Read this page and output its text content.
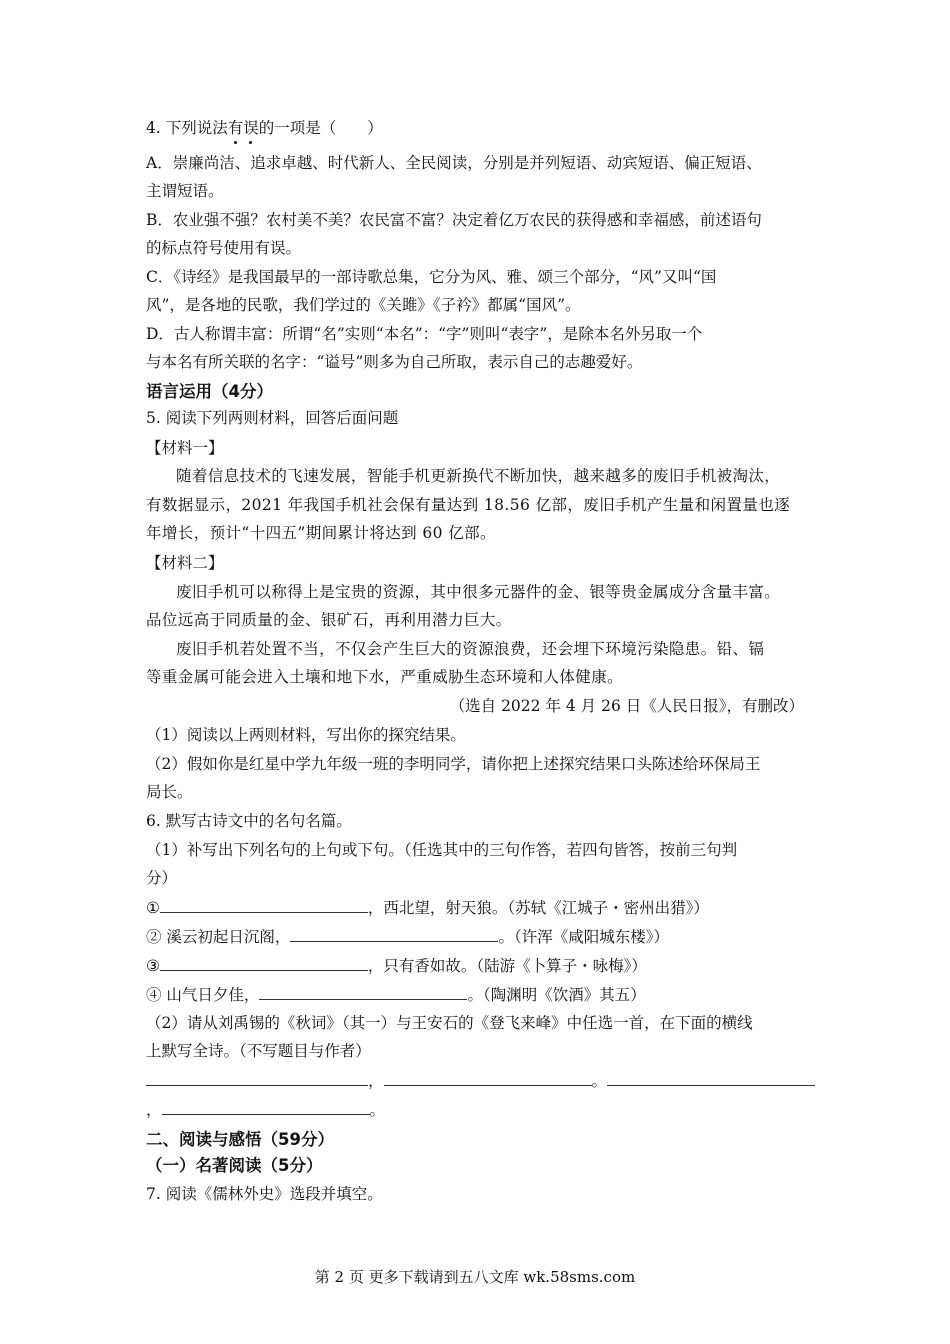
4. 下列说法有误的一项是（　　）
A．崇廉尚洁、追求卓越、时代新人、全民阅读，分别是并列短语、动宾短语、偏正短语、
主谓短语。
B．农业强不强？农村美不美？农民富不富？决定着亿万农民的获得感和幸福感，前述语句
的标点符号使用有误。
C．《诗经》是我国最早的一部诗歌总集，它分为风、雅、颂三个部分，“风”又叫“国
风”，是各地的民歌，我们学过的《关雎》《子衿》都属“国风”。
D．古人称谓丰富：所谓“名”实则“本名”：“字”则叫“表字”，是除本名外另取一个
与本名有所关联的名字：“谥号”则多为自己所取，表示自己的志趣爱好。
语言运用（4分）
5. 阅读下列两则材料，回答后面问题
【材料一】
随着信息技术的飞速发展，智能手机更新换代不断加快，越来越多的废旧手机被淘汰，
有数据显示，2021 年我国手机社会保有量达到 18.56 亿部，废旧手机产生量和闲置量也逐
年增长，预计“十四五”期间累计将达到 60 亿部。
【材料二】
废旧手机可以称得上是宝贵的资源，其中很多元器件的金、银等贵金属成分含量丰富。
品位远高于同质量的金、银矿石，再利用潜力巨大。
废旧手机若处置不当，不仅会产生巨大的资源浪费，还会埋下环境污染隐患。铅、镉
等重金属可能会进入土壤和地下水，严重威胁生态环境和人体健康。
（选自 2022 年 4 月 26 日《人民日报》，有删改）
（1）阅读以上两则材料，写出你的探究结果。
（2）假如你是红星中学九年级一班的李明同学，请你把上述探究结果口头陈述给环保局王
局长。
6. 默写古诗文中的名句名篇。
（1）补写出下列名句的上句或下句。（任选其中的三句作答，若四句皆答，按前三句判
分）
①	，西北望，射天狼。（苏轼《江城子・密州出猎》）
② 溪云初起日沉阁，	。（许浑《咸阳城东楼》）
③	，只有香如故。（陆游《卜算子・咏梅》）
④ 山气日夕佳，	。（陶渊明《饮酒》其五）
（2）请从刘禹锡的《秋词》（其一）与王安石的《登飞来峰》中任选一首，在下面的横线
上默写全诗。（不写题目与作者）
，	。
，	。
二、阅读与感悟（59分）
（一）名著阅读（5分）
7. 阅读《儒林外史》选段并填空。
第 2 页 更多下载请到五八文库 wk.58sms.com
